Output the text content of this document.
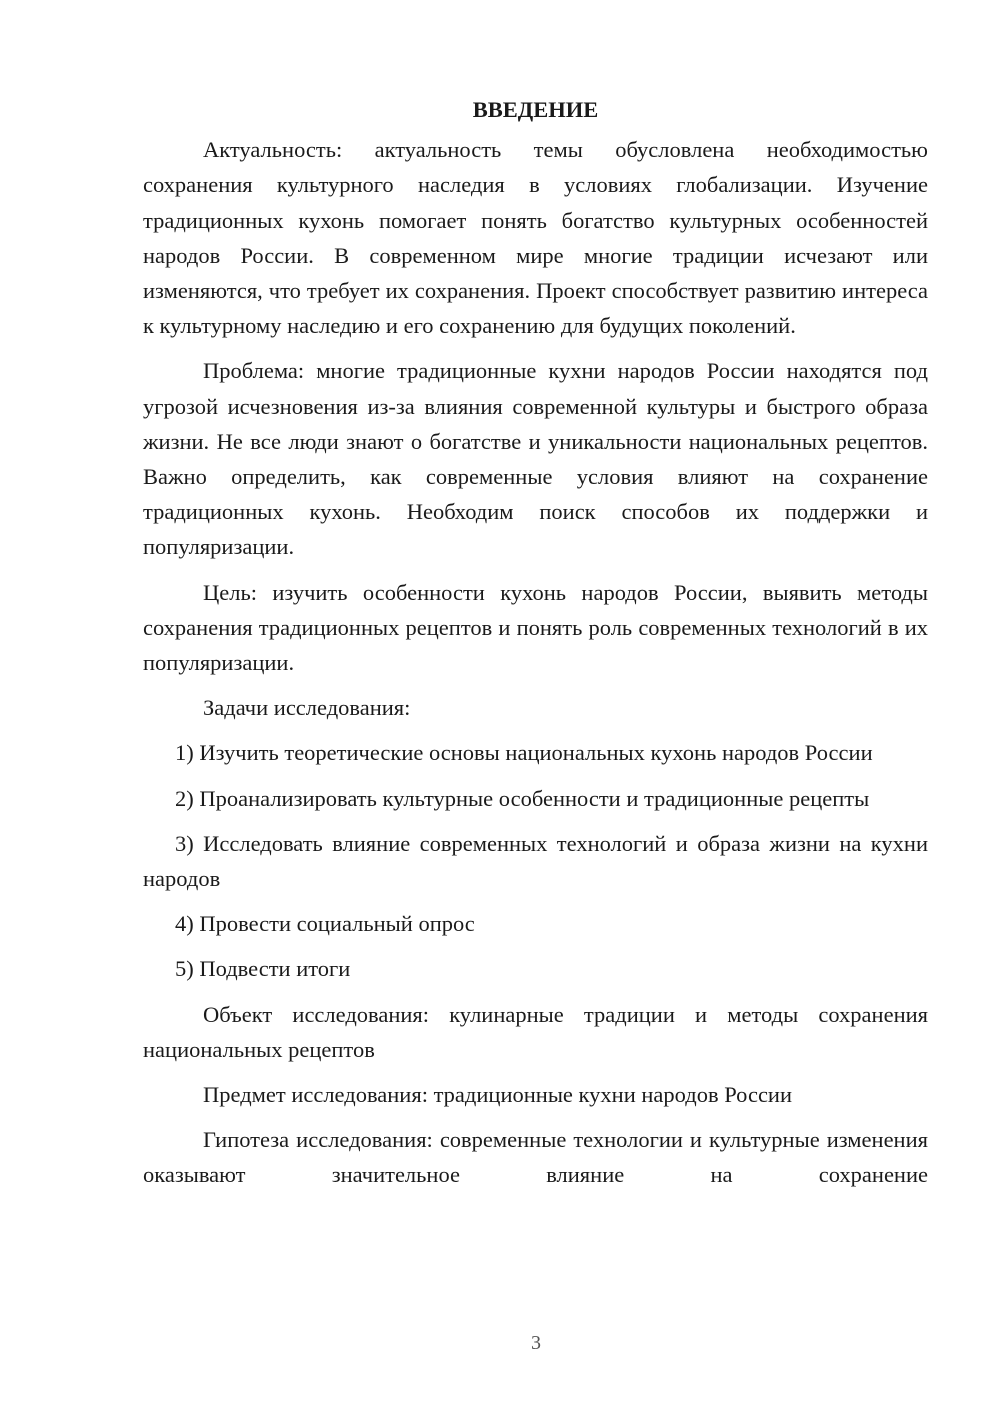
ВВЕДЕНИЕ

Актуальность: актуальность темы обусловлена необходимостью сохранения культурного наследия в условиях глобализации. Изучение традиционных кухонь помогает понять богатство культурных особенностей народов России. В современном мире многие традиции исчезают или изменяются, что требует их сохранения. Проект способствует развитию интереса к культурному наследию и его сохранению для будущих поколений.

Проблема: многие традиционные кухни народов России находятся под угрозой исчезновения из-за влияния современной культуры и быстрого образа жизни. Не все люди знают о богатстве и уникальности национальных рецептов. Важно определить, как современные условия влияют на сохранение традиционных кухонь. Необходим поиск способов их поддержки и популяризации.

Цель: изучить особенности кухонь народов России, выявить методы сохранения традиционных рецептов и понять роль современных технологий в их популяризации.

Задачи исследования:

1) Изучить теоретические основы национальных кухонь народов России

2) Проанализировать культурные особенности и традиционные рецепты

3) Исследовать влияние современных технологий и образа жизни на кухни народов

4) Провести социальный опрос

5) Подвести итоги

Объект исследования: кулинарные традиции и методы сохранения национальных рецептов

Предмет исследования: традиционные кухни народов России

Гипотеза исследования: современные технологии и культурные изменения оказывают значительное влияние на сохранение

3
